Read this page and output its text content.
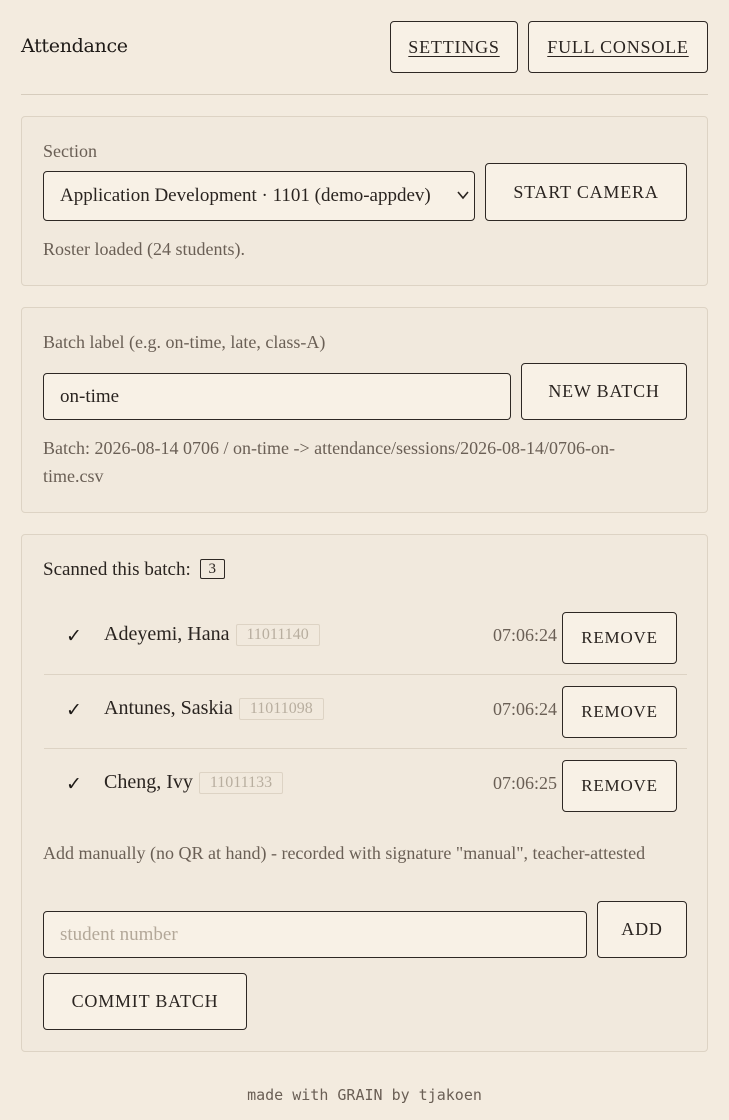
Attendance	SETTINGS	FULL CONSOLE
Section
Application Development · 1101 (demo-appdev)	START CAMERA
Roster loaded (24 students).
Batch label (e.g. on-time, late, class-A)
on-time	NEW BATCH
Batch: 2026-08-14 0706 / on-time -> attendance/sessions/2026-08-14/0706-on-time.csv
Scanned this batch: 3
✓ Adeyemi, Hana	11011140	07:06:24	REMOVE
✓ Antunes, Saskia	11011098	07:06:24	REMOVE
✓ Cheng, Ivy	11011133	07:06:25	REMOVE
Add manually (no QR at hand) - recorded with signature "manual", teacher-attested
student number	ADD
COMMIT BATCH
made with GRAIN by tjakoen
